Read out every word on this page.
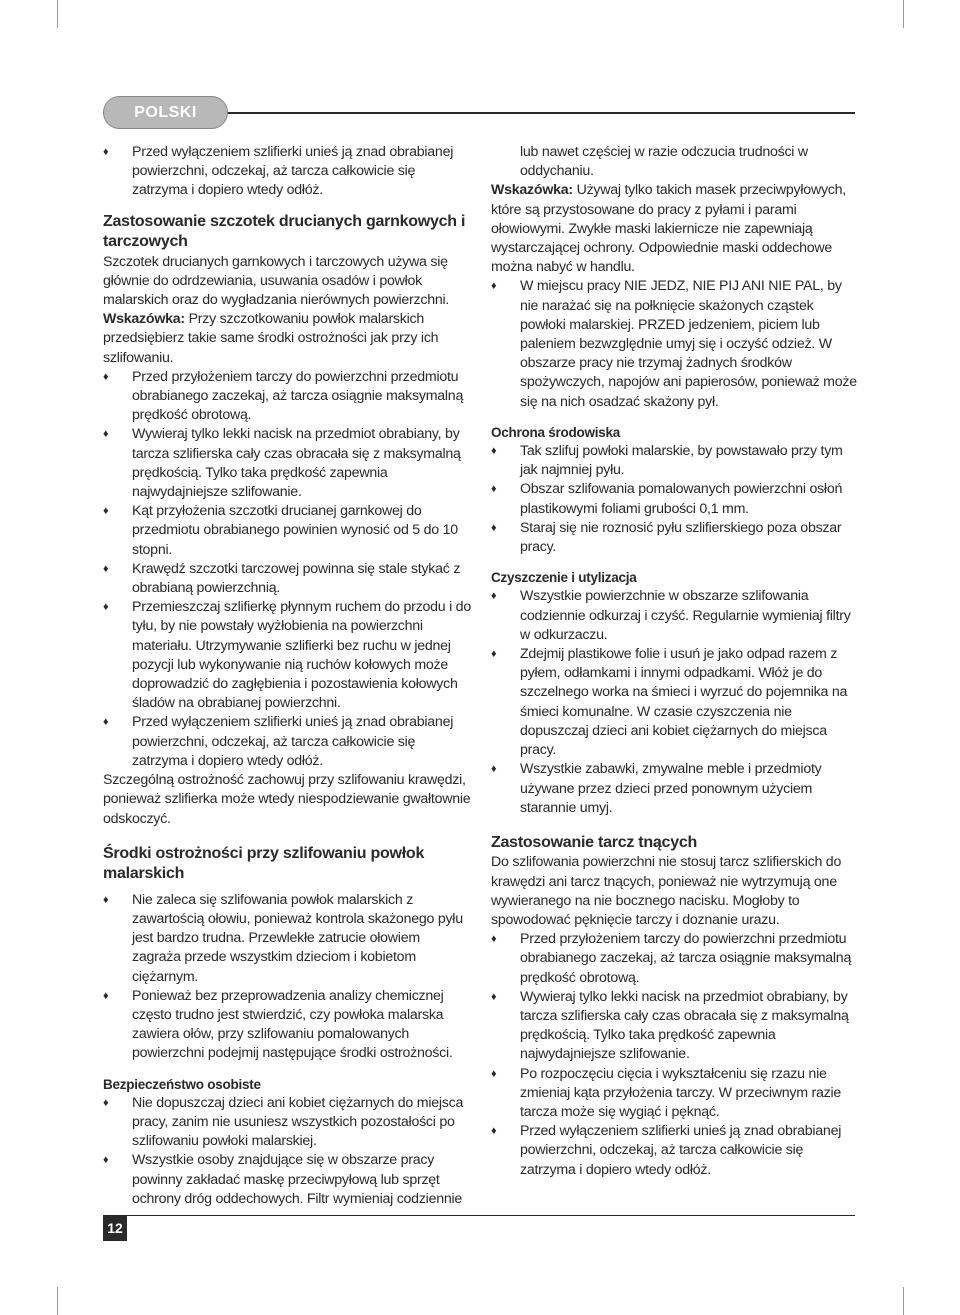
POLSKI

♦ Przed wyłączeniem szlifierki unieś ją znad obrabianej powierzchni, odczekaj, aż tarcza całkowicie się zatrzyma i dopiero wtedy odłóż.

Zastosowanie szczotek drucianych garnkowych i tarczowych

Szczotek drucianych garnkowych i tarczowych używa się głównie do odrdzewiania, usuwania osadów i powłok malarskich oraz do wygładzania nierównych powierzchni.

Wskazówka: Przy szczotkowaniu powłok malarskich przedsiębierz takie same środki ostrożności jak przy ich szlifowaniu.

♦ Przed przyłożeniem tarczy do powierzchni przedmiotu obrabianego zaczekaj, aż tarcza osiągnie maksymalną prędkość obrotową.

♦ Wywieraj tylko lekki nacisk na przedmiot obrabiany, by tarcza szlifierska cały czas obracała się z maksymalną prędkością. Tylko taka prędkość zapewnia najwydajniejsze szlifowanie.

♦ Kąt przyłożenia szczotki drucianej garnkowej do przedmiotu obrabianego powinien wynosić od 5 do 10 stopni.

♦ Krawędź szczotki tarczowej powinna się stale stykać z obrabianą powierzchnią.

♦ Przemieszczaj szlifierkę płynnym ruchem do przodu i do tyłu, by nie powstały wyżłobienia na powierzchni materiału. Utrzymywanie szlifierki bez ruchu w jednej pozycji lub wykonywanie nią ruchów kołowych może doprowadzić do zagłębienia i pozostawienia kołowych śladów na obrabianej powierzchni.

♦ Przed wyłączeniem szlifierki unieś ją znad obrabianej powierzchni, odczekaj, aż tarcza całkowicie się zatrzyma i dopiero wtedy odłóż.

Szczególną ostrożność zachowuj przy szlifowaniu krawędzi, ponieważ szlifierka może wtedy niespodziewanie gwałtownie odskoczyć.

Środki ostrożności przy szlifowaniu powłok malarskich

♦ Nie zaleca się szlifowania powłok malarskich z zawartością ołowiu, ponieważ kontrola skażonego pyłu jest bardzo trudna. Przewlekłe zatrucie ołowiem zagraża przede wszystkim dzieciom i kobietom ciężarnym.

♦ Ponieważ bez przeprowadzenia analizy chemicznej często trudno jest stwierdzić, czy powłoka malarska zawiera ołów, przy szlifowaniu pomalowanych powierzchni podejmij następujące środki ostrożności.

Bezpieczeństwo osobiste

♦ Nie dopuszczaj dzieci ani kobiet ciężarnych do miejsca pracy, zanim nie usuniesz wszystkich pozostałości po szlifowaniu powłoki malarskiej.

♦ Wszystkie osoby znajdujące się w obszarze pracy powinny zakładać maskę przeciwpyłową lub sprzęt ochrony dróg oddechowych. Filtr wymieniaj codziennie

lub nawet częściej w razie odczucia trudności w oddychaniu.

Wskazówka: Używaj tylko takich masek przeciwpyłowych, które są przystosowane do pracy z pyłami i parami ołowiowymi. Zwykłe maski lakiernicze nie zapewniają wystarczającej ochrony. Odpowiednie maski oddechowe można nabyć w handlu.

♦ W miejscu pracy NIE JEDZ, NIE PIJ ANI NIE PAL, by nie narażać się na połknięcie skażonych cząstek powłoki malarskiej. PRZED jedzeniem, piciem lub paleniem bezwzględnie umyj się i oczyść odzież. W obszarze pracy nie trzymaj żadnych środków spożywczych, napojów ani papierosów, ponieważ może się na nich osadzać skażony pył.

Ochrona środowiska

♦ Tak szlifuj powłoki malarskie, by powstawało przy tym jak najmniej pyłu.

♦ Obszar szlifowania pomalowanych powierzchni osłoń plastikowymi foliami grubości 0,1 mm.

♦ Staraj się nie roznosić pyłu szlifierskiego poza obszar pracy.

Czyszczenie i utylizacja

♦ Wszystkie powierzchnie w obszarze szlifowania codziennie odkurzaj i czyść. Regularnie wymieniaj filtry w odkurzaczu.

♦ Zdejmij plastikowe folie i usuń je jako odpad razem z pyłem, odłamkami i innymi odpadkami. Włóż je do szczelnego worka na śmieci i wyrzuć do pojemnika na śmieci komunalne. W czasie czyszczenia nie dopuszczaj dzieci ani kobiet ciężarnych do miejsca pracy.

♦ Wszystkie zabawki, zmywalne meble i przedmioty używane przez dzieci przed ponownym użyciem starannie umyj.

Zastosowanie tarcz tnących

Do szlifowania powierzchni nie stosuj tarcz szlifierskich do krawędzi ani tarcz tnących, ponieważ nie wytrzymują one wywieranego na nie bocznego nacisku. Mogłoby to spowodować pęknięcie tarczy i doznanie urazu.

♦ Przed przyłożeniem tarczy do powierzchni przedmiotu obrabianego zaczekaj, aż tarcza osiągnie maksymalną prędkość obrotową.

♦ Wywieraj tylko lekki nacisk na przedmiot obrabiany, by tarcza szlifierska cały czas obracała się z maksymalną prędkością. Tylko taka prędkość zapewnia najwydajniejsze szlifowanie.

♦ Po rozpoczęciu cięcia i wykształceniu się rzazu nie zmieniaj kąta przyłożenia tarczy. W przeciwnym razie tarcza może się wygiąć i pęknąć.

♦ Przed wyłączeniem szlifierki unieś ją znad obrabianej powierzchni, odczekaj, aż tarcza całkowicie się zatrzyma i dopiero wtedy odłóż.

12
